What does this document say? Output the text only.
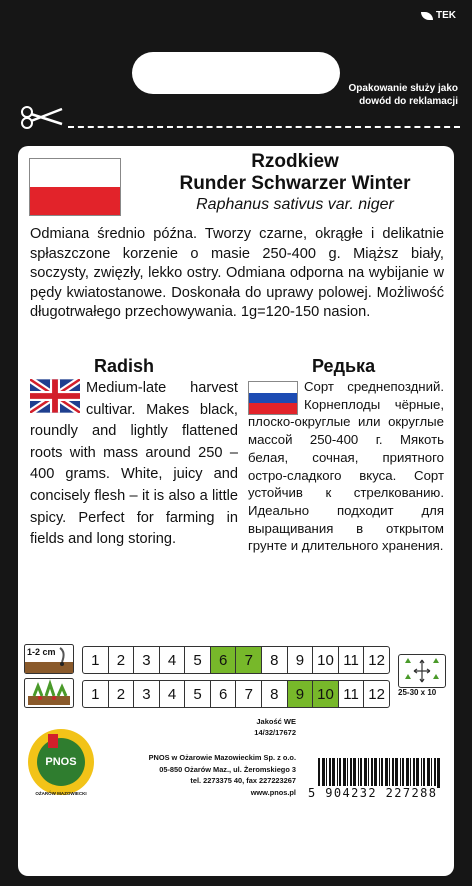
TEK
Opakowanie służy jako dowód do reklamacji
Rzodkiew
Runder Schwarzer Winter
Raphanus sativus var. niger
Odmiana średnio późna. Tworzy czarne, okrągłe i delikatnie spłaszczone korzenie o masie 250-400 g. Miąższ biały, soczysty, zwięzły, lekko ostry. Odmiana odporna na wybijanie w pędy kwiatostanowe. Doskonała do uprawy polowej. Możliwość długotrwałego przechowywania. 1g=120-150 nasion.
Radish	Редька
Medium-late harvest cultivar. Makes black, roundly and lightly flattened roots with mass around 250 – 400 grams. White, juicy and concisely flesh – it is also a little spicy. Perfect for farming in fields and long storing.
Сорт среднепоздний. Корнеплоды чёрные, плоско-округлые или округлые массой 250-400 г. Мякоть белая, сочная, приятного остро-сладкого вкуса. Сорт устойчив к стрелкованию. Идеально подходит для выращивания в открытом грунте и длительного хранения.
1-2 cm	1	2	3	4	5	6	7	8	9 10 11 12
1	2	3	4	5	6	7	8	9 10 11 12	25-30 x 10
PNOS
OŻARÓW MAZOWIECKI
Jakość WE
14/32/17672
PNOS w Ożarowie Mazowieckim Sp. z o.o.
05-850 Ożarów Maz., ul. Żeromskiego 3
tel. 2273375 40, fax 227223267
www.pnos.pl 5 904232 227288
